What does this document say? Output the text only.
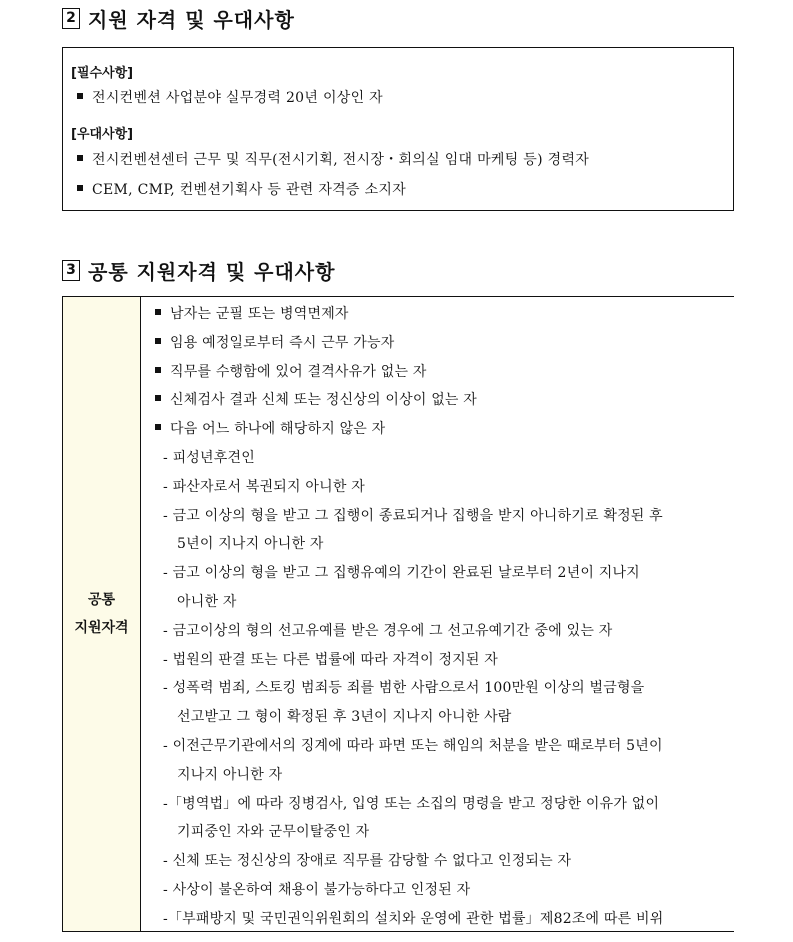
2 지원 자격 및 우대사항

[필수사항]

전시컨벤션 사업분야 실무경력 20년 이상인 자

[우대사항]

전시컨벤션센터 근무 및 직무(전시기획, 전시장・회의실 임대 마케팅 등) 경력자

CEM, CMP, 컨벤션기획사 등 관련 자격증 소지자

3 공통 지원자격 및 우대사항
공통
지원자격

남자는 군필 또는 병역면제자

임용 예정일로부터 즉시 근무 가능자

직무를 수행함에 있어 결격사유가 없는 자

신체검사 결과 신체 또는 정신상의 이상이 없는 자

다음 어느 하나에 해당하지 않은 자

- 피성년후견인

- 파산자로서 복권되지 아니한 자

- 금고 이상의 형을 받고 그 집행이 종료되거나 집행을 받지 아니하기로 확정된 후

5년이 지나지 아니한 자

- 금고 이상의 형을 받고 그 집행유예의 기간이 완료된 날로부터 2년이 지나지

아니한 자

- 금고이상의 형의 선고유예를 받은 경우에 그 선고유예기간 중에 있는 자

- 법원의 판결 또는 다른 법률에 따라 자격이 정지된 자

- 성폭력 범죄, 스토킹 범죄등 죄를 범한 사람으로서 100만원 이상의 벌금형을

선고받고 그 형이 확정된 후 3년이 지나지 아니한 사람

- 이전근무기관에서의 징계에 따라 파면 또는 해임의 처분을 받은 때로부터 5년이

지나지 아니한 자

-「병역법」에 따라 징병검사, 입영 또는 소집의 명령을 받고 정당한 이유가 없이

기피중인 자와 군무이탈중인 자

- 신체 또는 정신상의 장애로 직무를 감당할 수 없다고 인정되는 자

- 사상이 불온하여 채용이 불가능하다고 인정된 자

-「부패방지 및 국민권익위원회의 설치와 운영에 관한 법률」제82조에 따른 비위
